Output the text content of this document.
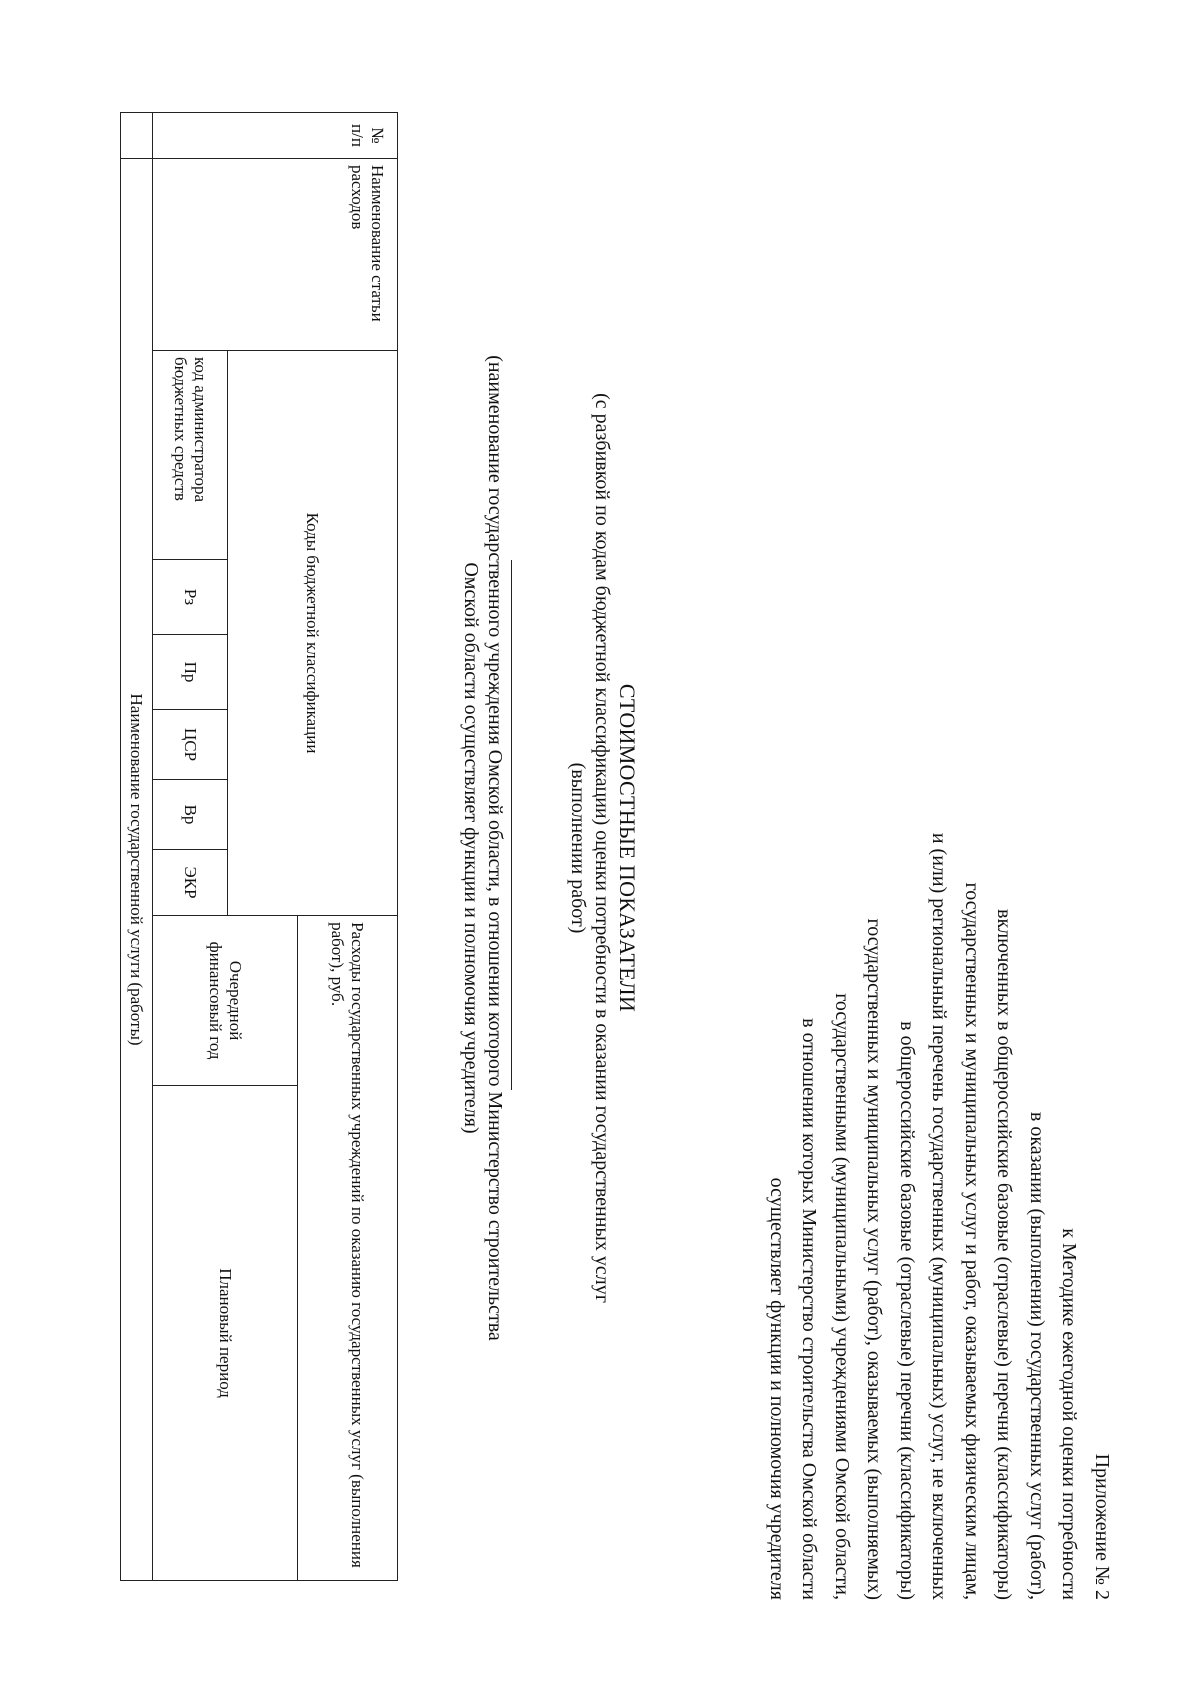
Приложение № 2
к Методике ежегодной оценки потребности
в оказании (выполнении) государственных услуг (работ),
включенных в общероссийские базовые (отраслевые) перечни (классификаторы)
государственных и муниципальных услуг и работ, оказываемых физическим лицам,
и (или) региональный перечень государственных (муниципальных) услуг, не включенных
в общероссийские базовые (отраслевые) перечни (классификаторы)
государственных и муниципальных услуг (работ), оказываемых (выполняемых)
государственными (муниципальными) учреждениями Омской области,
в отношении которых Министерство строительства Омской области
осуществляет функции и полномочия учредителя
СТОИМОСТНЫЕ ПОКАЗАТЕЛИ
(с разбивкой по кодам бюджетной классификации) оценки потребности в оказании государственных услуг
(выполнении работ)
(наименование государственного учреждения Омской области, в отношении которого Министерство строительства
Омской области осуществляет функции и полномочия учредителя)
№ п/п	Наименование статьи расходов	Коды бюджетной классификации						Расходы государственных учреждений по оказанию государственных услуг (выполнения работ), руб.	
								Очередной финансовый год	Плановый период
		код администратора бюджетных средств	Рз	Пр	ЦСР	Вр	ЭКР		
	Наименование государственной услуги (работы)								
